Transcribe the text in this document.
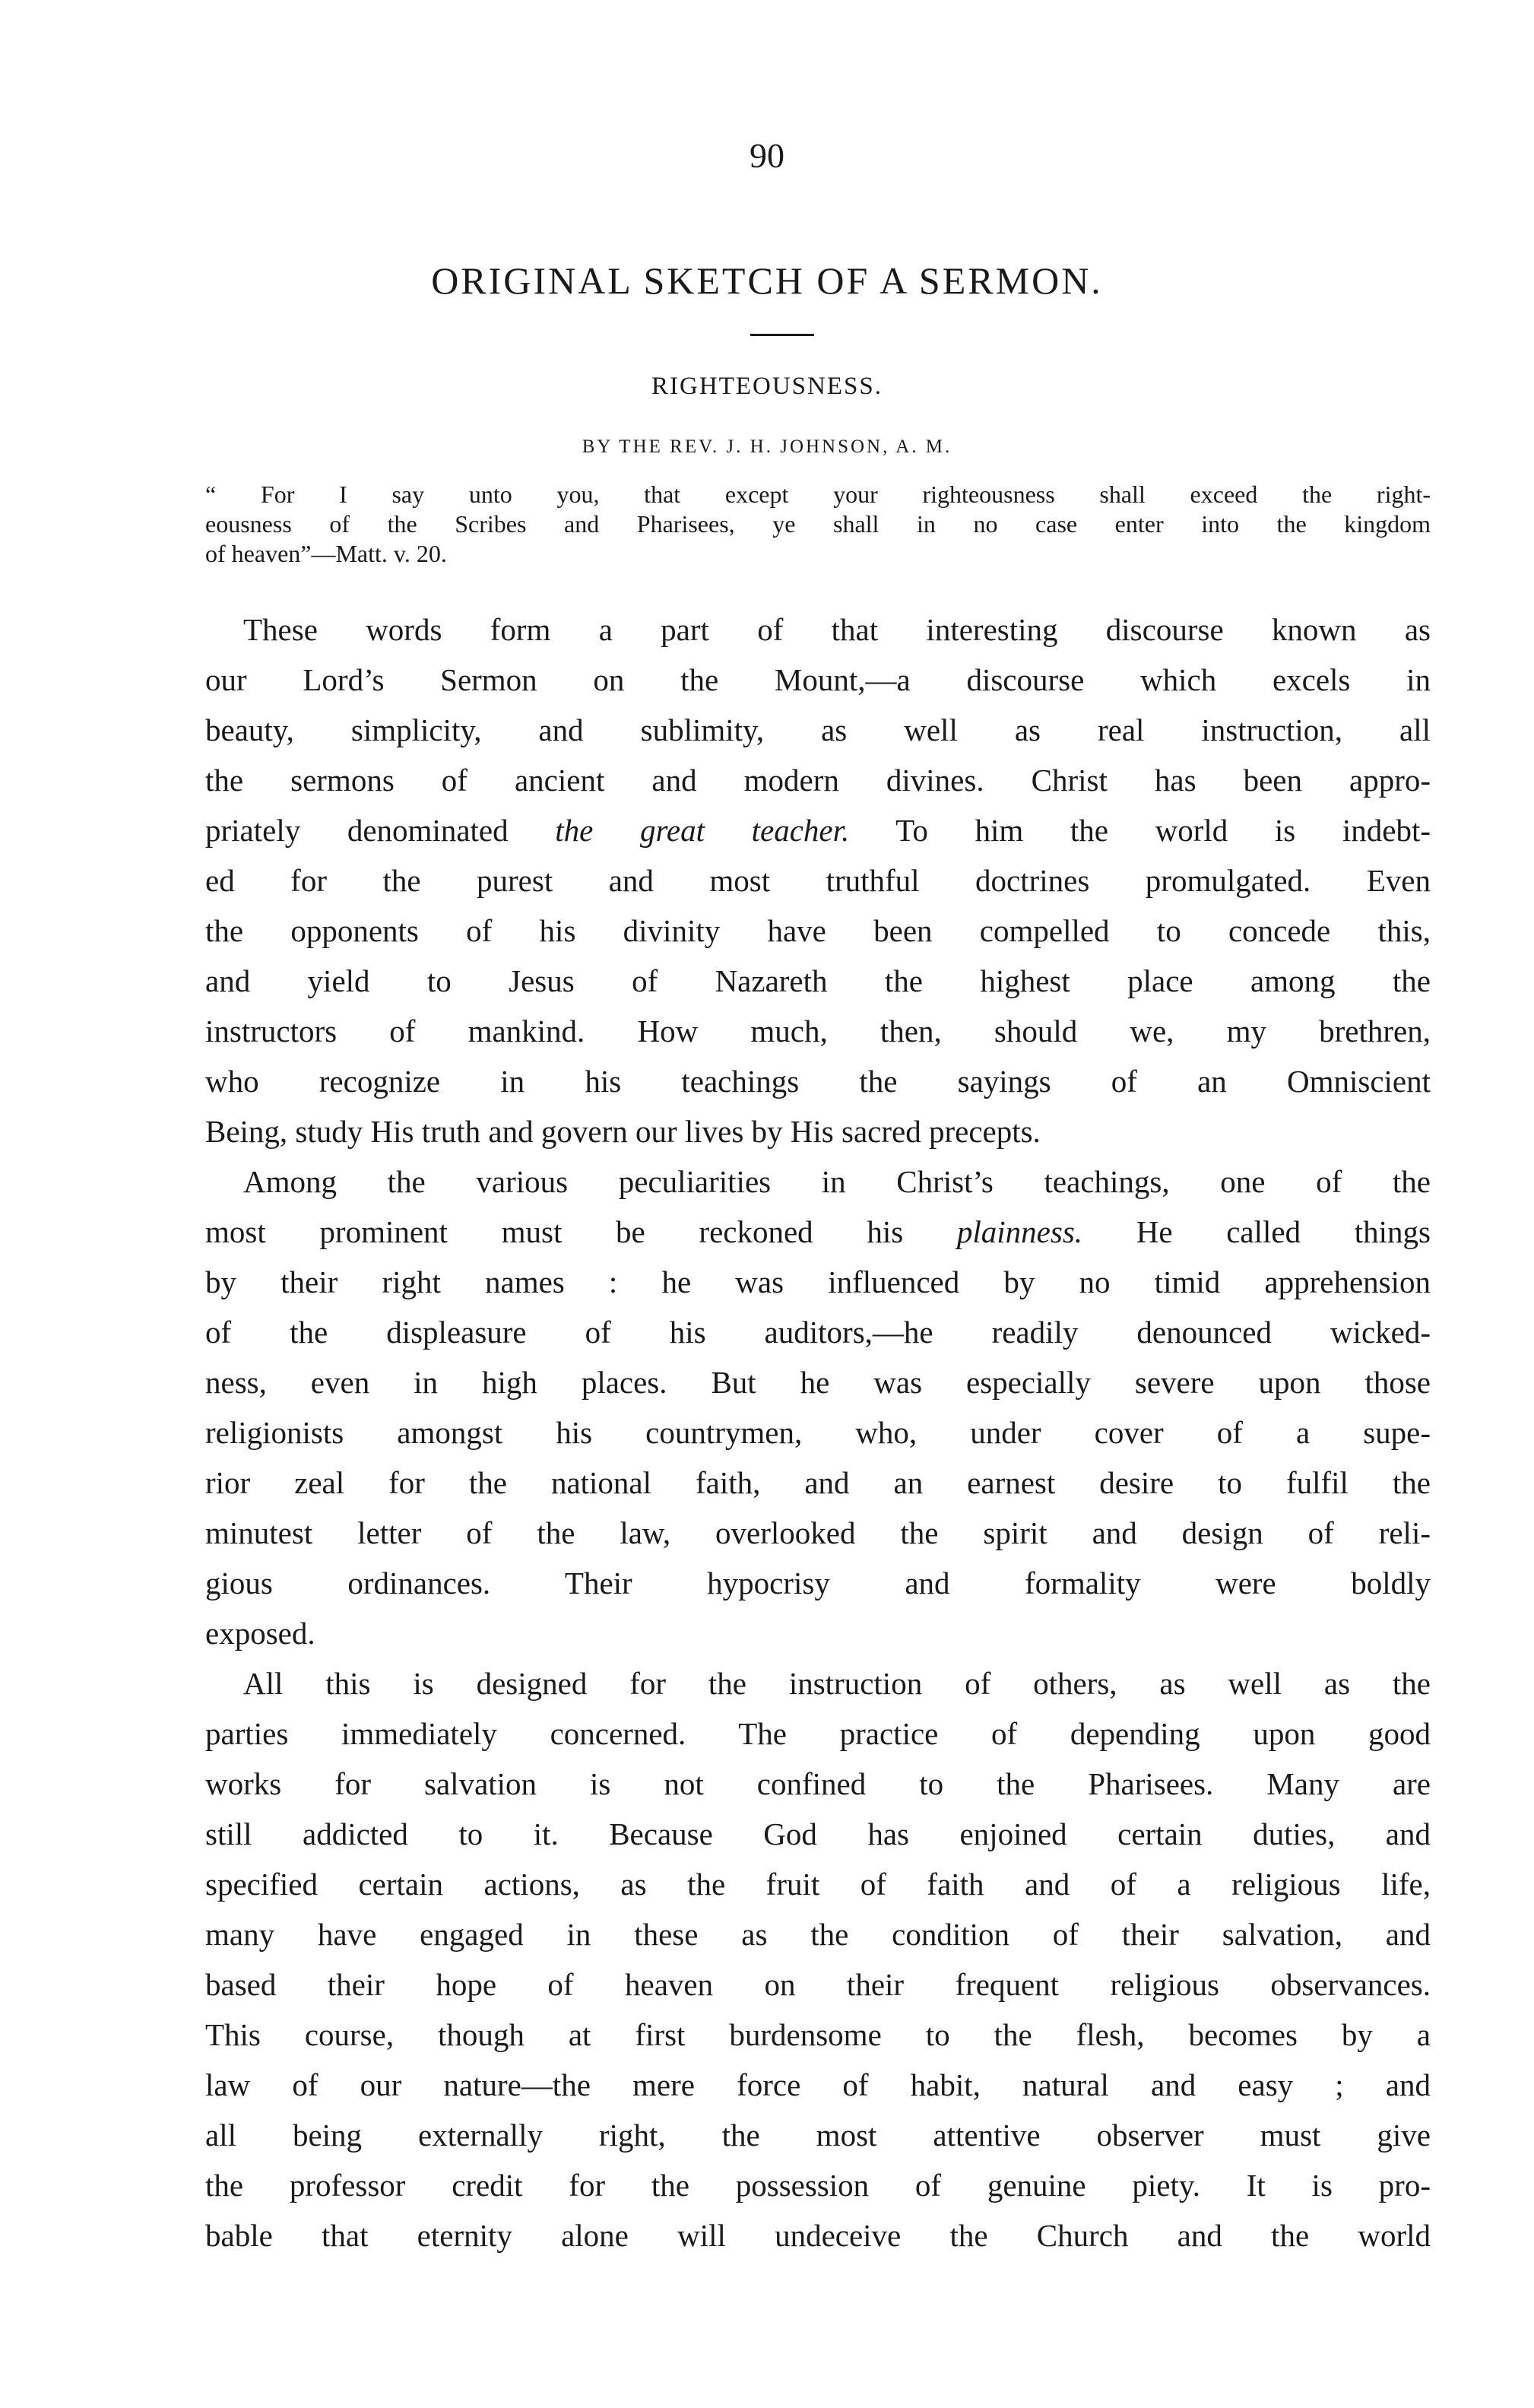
90
ORIGINAL SKETCH OF A SERMON.
RIGHTEOUSNESS.
BY THE REV. J. H. JOHNSON, A. M.
“ For I say unto you, that except your righteousness shall exceed the right-
eousness of the Scribes and Pharisees, ye shall in no case enter into the kingdom
of heaven”—Matt. v. 20.
These words form a part of that interesting discourse known as
our Lord’s Sermon on the Mount,—a discourse which excels in
beauty, simplicity, and sublimity, as well as real instruction, all
the sermons of ancient and modern divines. Christ has been appro-
priately denominated the great teacher. To him the world is indebt-
ed for the purest and most truthful doctrines promulgated. Even
the opponents of his divinity have been compelled to concede this,
and yield to Jesus of Nazareth the highest place among the
instructors of mankind. How much, then, should we, my brethren,
who recognize in his teachings the sayings of an Omniscient
Being, study His truth and govern our lives by His sacred precepts.
Among the various peculiarities in Christ’s teachings, one of the
most prominent must be reckoned his plainness. He called things
by their right names : he was influenced by no timid apprehension
of the displeasure of his auditors,—he readily denounced wicked-
ness, even in high places. But he was especially severe upon those
religionists amongst his countrymen, who, under cover of a supe-
rior zeal for the national faith, and an earnest desire to fulfil the
minutest letter of the law, overlooked the spirit and design of reli-
gious ordinances. Their hypocrisy and formality were boldly
exposed.
All this is designed for the instruction of others, as well as the
parties immediately concerned. The practice of depending upon good
works for salvation is not confined to the Pharisees. Many are
still addicted to it. Because God has enjoined certain duties, and
specified certain actions, as the fruit of faith and of a religious life,
many have engaged in these as the condition of their salvation, and
based their hope of heaven on their frequent religious observances.
This course, though at first burdensome to the flesh, becomes by a
law of our nature—the mere force of habit, natural and easy ; and
all being externally right, the most attentive observer must give
the professor credit for the possession of genuine piety. It is pro-
bable that eternity alone will undeceive the Church and the world
